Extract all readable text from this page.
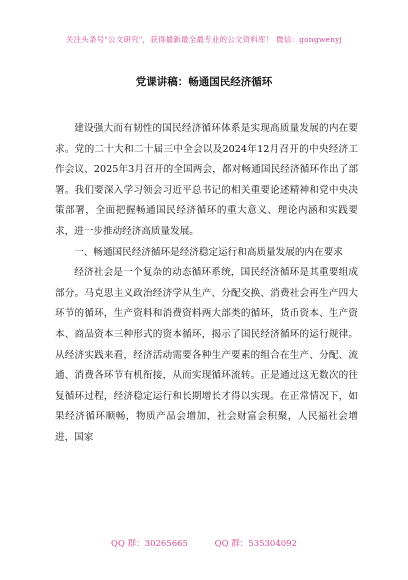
关注头条号"公文研究"，获得最新最全最专业的公文资料库！ 微信：gongwenyj
党课讲稿：畅通国民经济循环

建设强大而有韧性的国民经济循环体系是实现高质量发展的内在要求。党的二十大和二十届三中全会以及2024年12月召开的中央经济工作会议、2025年3月召开的全国两会，都对畅通国民经济循环作出了部署。我们要深入学习领会习近平总书记的相关重要论述精神和党中央决策部署，全面把握畅通国民经济循环的重大意义、理论内涵和实践要求，进一步推动经济高质量发展。

一、畅通国民经济循环是经济稳定运行和高质量发展的内在要求

经济社会是一个复杂的动态循环系统，国民经济循环是其重要组成部分。马克思主义政治经济学从生产、分配交换、消费社会再生产四大环节的循环，生产资料和消费资料两大部类的循环，货币资本、生产资本、商品资本三种形式的资本循环，揭示了国民经济循环的运行规律。从经济实践来看，经济活动需要各种生产要素的组合在生产、分配、流通、消费各环节有机衔接，从而实现循环流转。正是通过这无数次的往复循环过程，经济稳定运行和长期增长才得以实现。在正常情况下，如果经济循环顺畅，物质产品会增加，社会财富会积聚，人民福社会增进，国家

QQ 群：30265665	QQ 群：535304092
